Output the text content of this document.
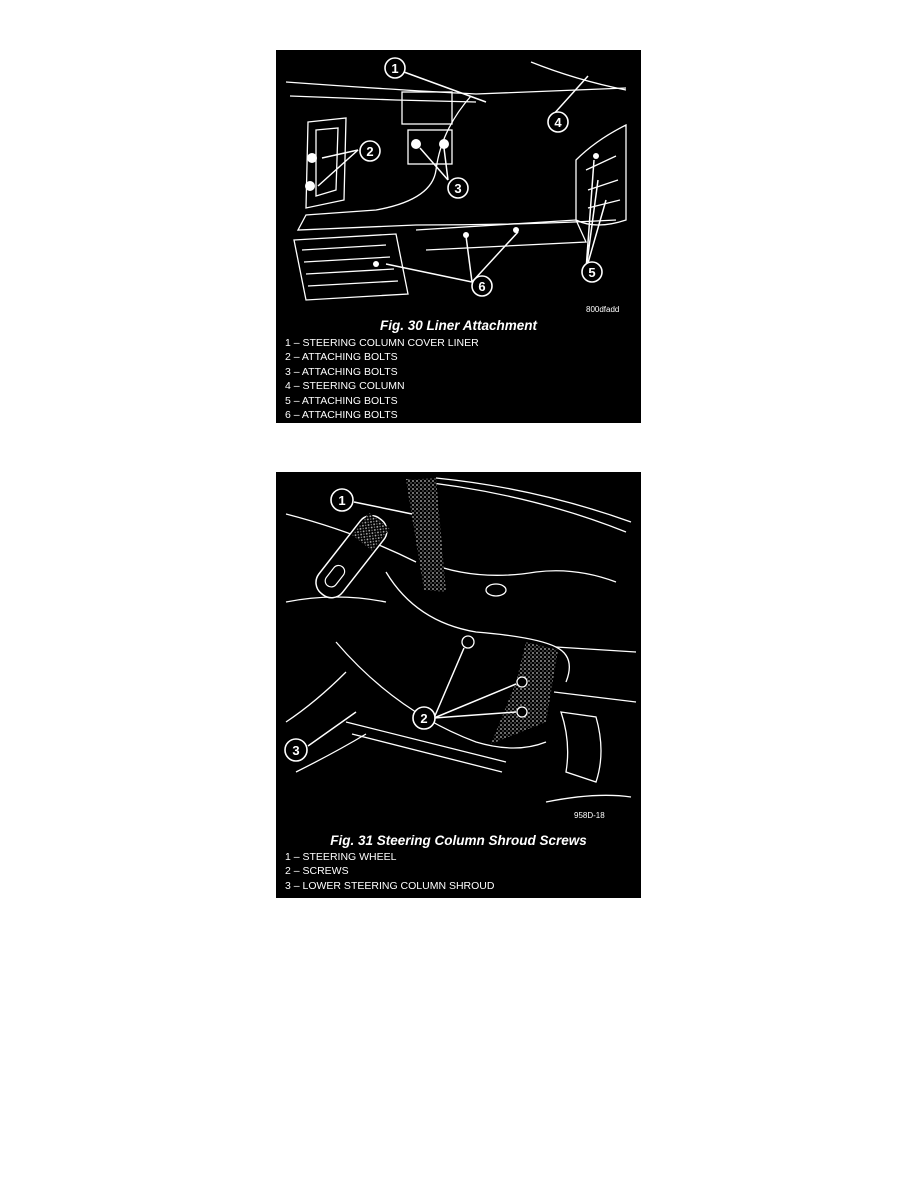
1
2
3
4
5
6
800dfadd
Fig. 30 Liner Attachment
1 – STEERING COLUMN COVER LINER
2 – ATTACHING BOLTS
3 – ATTACHING BOLTS
4 – STEERING COLUMN
5 – ATTACHING BOLTS
6 – ATTACHING BOLTS
1
2
3
958D-18
Fig. 31 Steering Column Shroud Screws
1 – STEERING WHEEL
2 – SCREWS
3 – LOWER STEERING COLUMN SHROUD
